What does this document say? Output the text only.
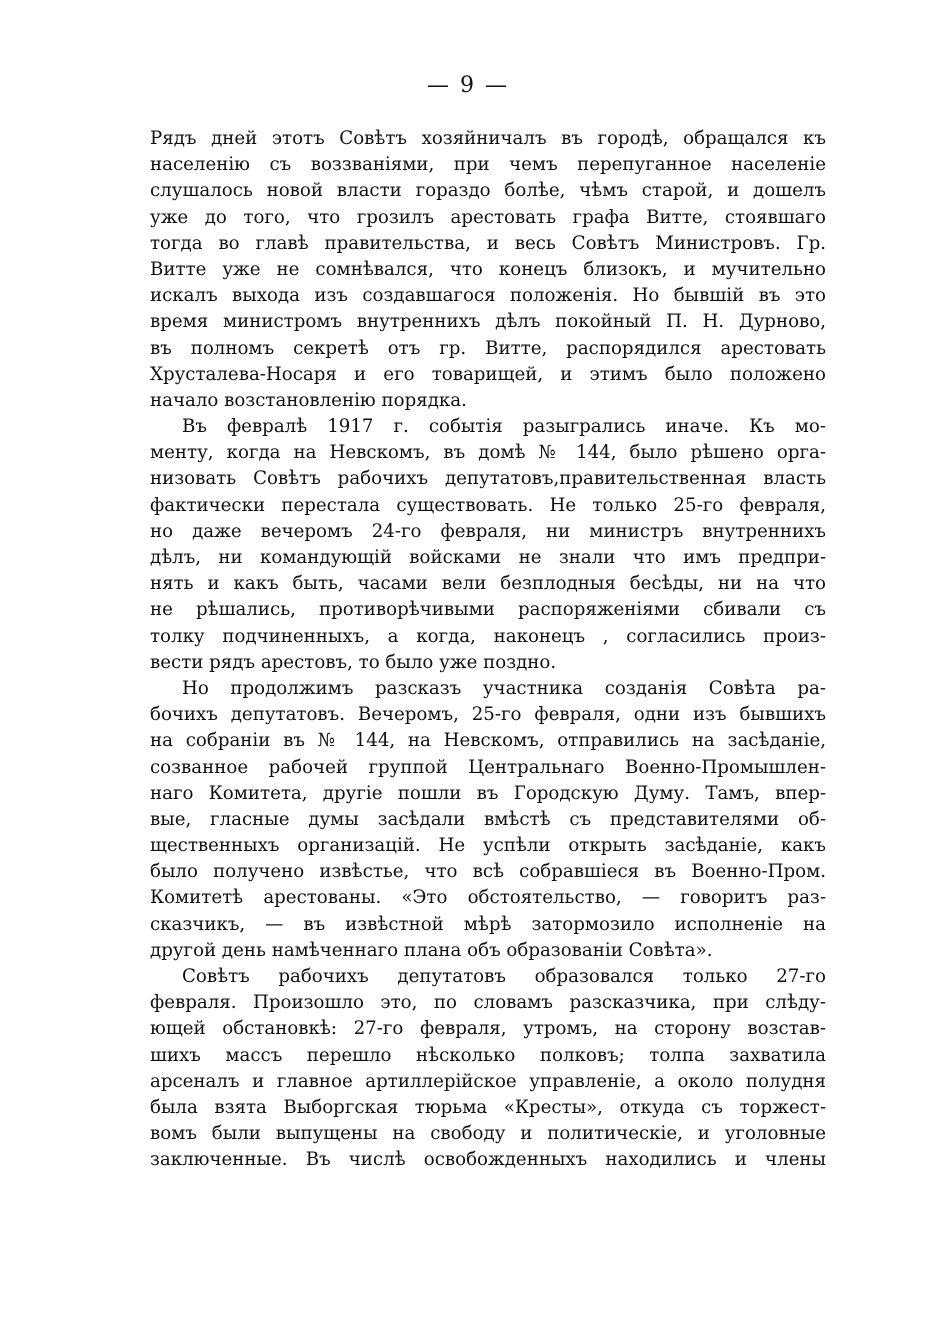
— 9 —
Рядъ дней этотъ Совѣтъ хозяйничалъ въ городѣ, обращался къ
населенію съ воззваніями, при чемъ перепуганное населеніе
слушалось новой власти гораздо болѣе, чѣмъ старой, и дошелъ
уже до того, что грозилъ арестовать графа Витте, стоявшаго
тогда во главѣ правительства, и весь Совѣтъ Министровъ. Гр.
Витте уже не сомнѣвался, что конецъ близокъ, и мучительно
искалъ выхода изъ создавшагося положенія. Но бывшій въ это
время министромъ внутреннихъ дѣлъ покойный П. Н. Дурново,
въ полномъ секретѣ отъ гр. Витте, распорядился арестовать
Хрусталева-Носаря и его товарищей, и этимъ было положено
начало возстановленію порядка.
Въ февралѣ 1917 г. событія разыгрались иначе. Къ мо-
менту, когда на Невскомъ, въ домѣ № 144, было рѣшено орга-
низовать Совѣтъ рабочихъ депутатовъ,правительственная власть
фактически перестала существовать. Не только 25-го февраля,
но даже вечеромъ 24-го февраля, ни министръ внутреннихъ
дѣлъ, ни командующій войсками не знали что имъ предпри-
нять и какъ быть, часами вели безплодныя бесѣды, ни на что
не рѣшались, противорѣчивыми распоряженіями сбивали съ
толку подчиненныхъ, а когда, наконецъ , согласились произ-
вести рядъ арестовъ, то было уже поздно.
Но продолжимъ разсказъ участника созданія Совѣта ра-
бочихъ депутатовъ. Вечеромъ, 25-го февраля, одни изъ бывшихъ
на собраніи въ № 144, на Невскомъ, отправились на засѣданіе,
созванное рабочей группой Центральнаго Военно-Промышлен-
наго Комитета, другіе пошли въ Городскую Думу. Тамъ, впер-
вые, гласные думы засѣдали вмѣстѣ съ представителями об-
щественныхъ организацій. Не успѣли открыть засѣданіе, какъ
было получено извѣстье, что всѣ собравшіеся въ Военно-Пром.
Комитетѣ арестованы. «Это обстоятельство, — говоритъ раз-
сказчикъ, — въ извѣстной мѣрѣ затормозило исполненіе на
другой день намѣченнаго плана объ образованіи Совѣта».
Совѣтъ рабочихъ депутатовъ образовался только 27-го
февраля. Произошло это, по словамъ разсказчика, при слѣду-
ющей обстановкѣ: 27-го февраля, утромъ, на сторону возстав-
шихъ массъ перешло нѣсколько полковъ; толпа захватила
арсеналъ и главное артиллерійское управленіе, а около полудня
была взята Выборгская тюрьма «Кресты», откуда съ торжест-
вомъ были выпущены на свободу и политическіе, и уголовные
заключенные. Въ числѣ освобожденныхъ находились и члены
